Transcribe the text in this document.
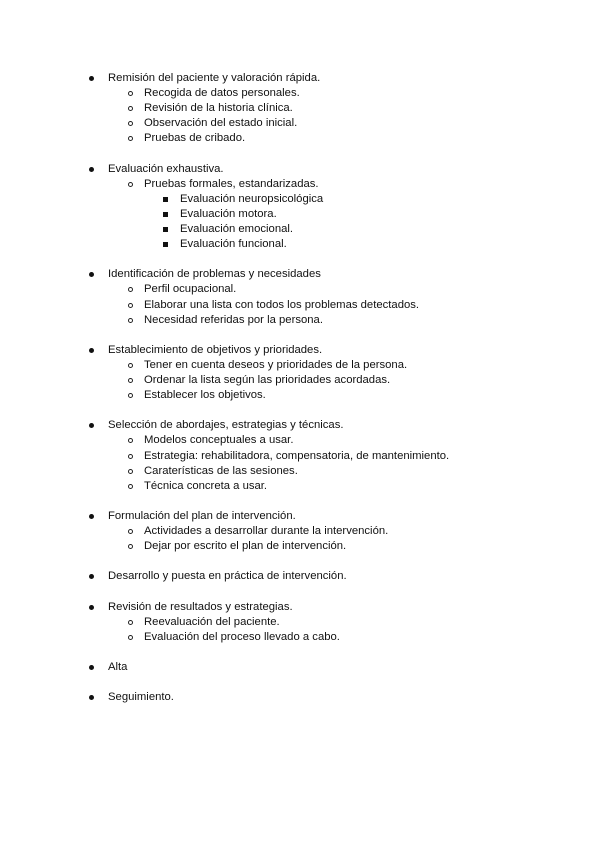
Remisión del paciente y valoración rápida.
Recogida de datos personales.
Revisión de la historia clínica.
Observación del estado inicial.
Pruebas de cribado.
Evaluación exhaustiva.
Pruebas formales, estandarizadas.
Evaluación neuropsicológica
Evaluación motora.
Evaluación emocional.
Evaluación funcional.
Identificación de problemas y necesidades
Perfil ocupacional.
Elaborar una lista con todos los problemas detectados.
Necesidad referidas por la persona.
Establecimiento de objetivos y prioridades.
Tener en cuenta deseos y prioridades de la persona.
Ordenar la lista según las prioridades acordadas.
Establecer los objetivos.
Selección de abordajes, estrategias y técnicas.
Modelos conceptuales a usar.
Estrategia: rehabilitadora, compensatoria, de mantenimiento.
Caraterísticas de las sesiones.
Técnica concreta a usar.
Formulación del plan de intervención.
Actividades a desarrollar durante la intervención.
Dejar por escrito el plan de intervención.
Desarrollo y puesta en práctica de intervención.
Revisión de resultados y estrategias.
Reevaluación del paciente.
Evaluación del proceso llevado a cabo.
Alta
Seguimiento.
